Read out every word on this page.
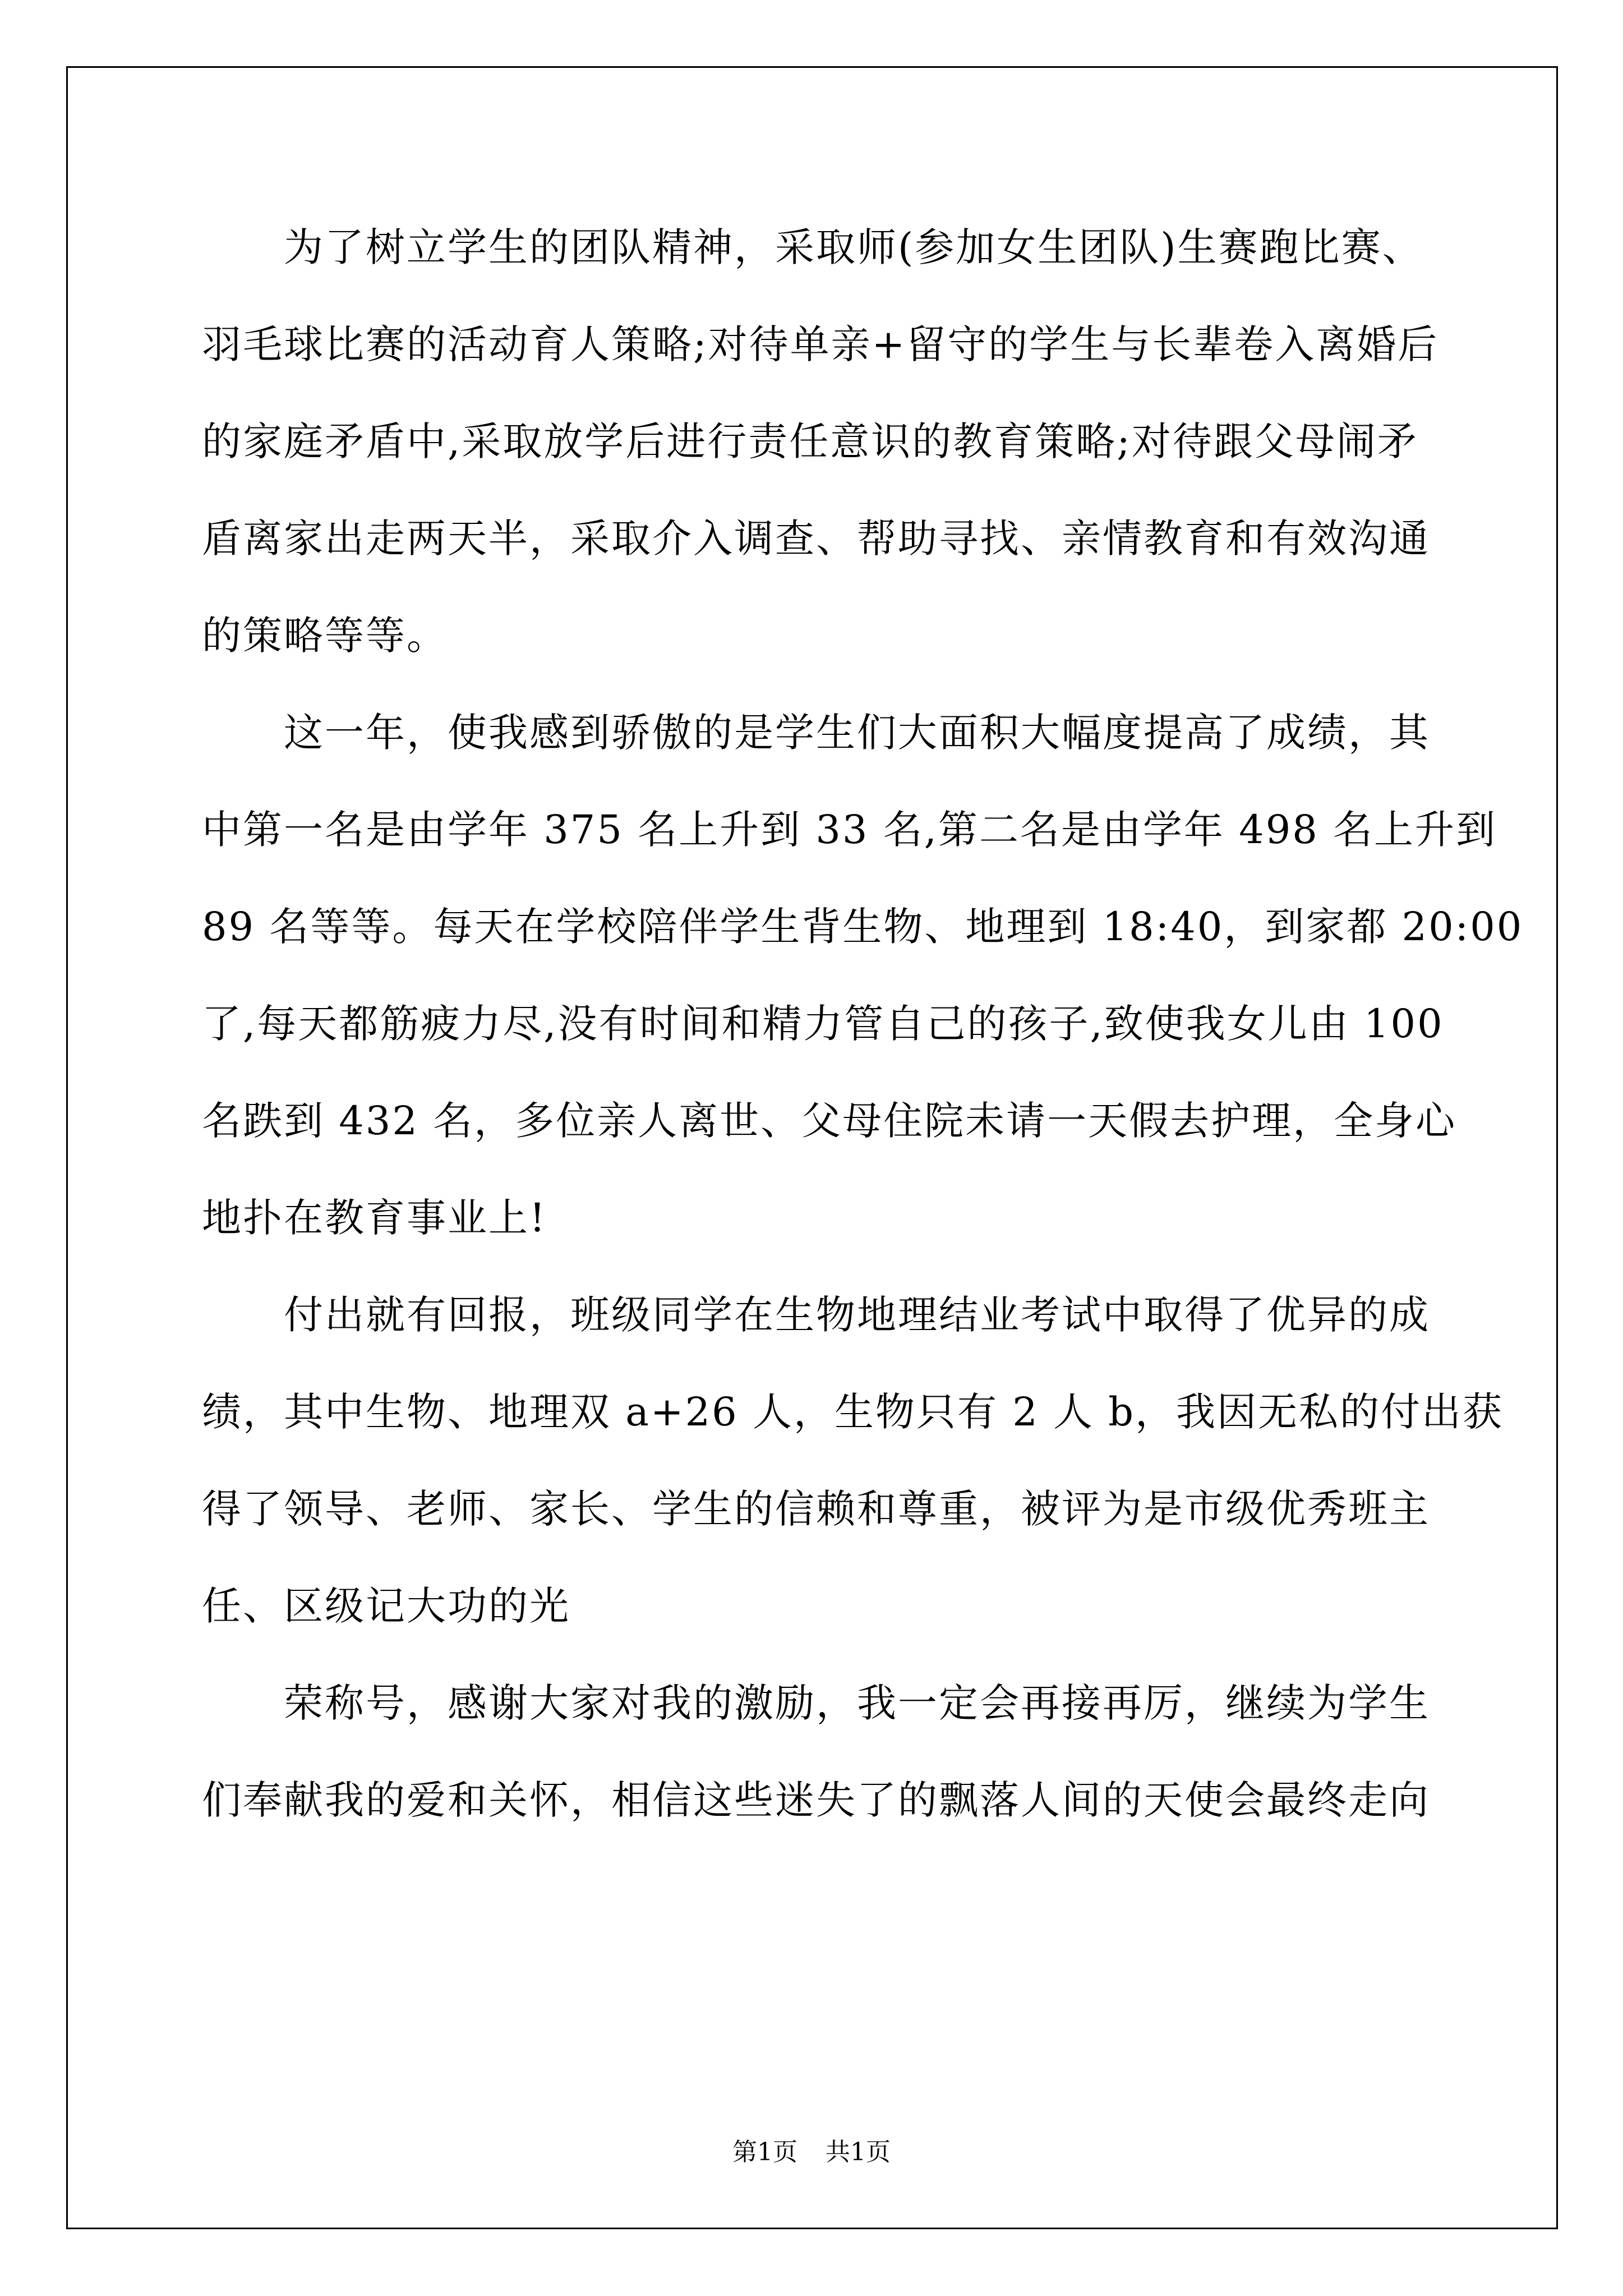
　　为了树立学生的团队精神，采取师(参加女生团队)生赛跑比赛、
羽毛球比赛的活动育人策略;对待单亲+留守的学生与长辈卷入离婚后
的家庭矛盾中,采取放学后进行责任意识的教育策略;对待跟父母闹矛
盾离家出走两天半，采取介入调查、帮助寻找、亲情教育和有效沟通
的策略等等。
　　这一年，使我感到骄傲的是学生们大面积大幅度提高了成绩，其
中第一名是由学年 375 名上升到 33 名,第二名是由学年 498 名上升到
89 名等等。每天在学校陪伴学生背生物、地理到 18:40，到家都 20:00
了,每天都筋疲力尽,没有时间和精力管自己的孩子,致使我女儿由 100
名跌到 432 名，多位亲人离世、父母住院未请一天假去护理，全身心
地扑在教育事业上!
　　付出就有回报，班级同学在生物地理结业考试中取得了优异的成
绩，其中生物、地理双 a+26 人，生物只有 2 人 b，我因无私的付出获
得了领导、老师、家长、学生的信赖和尊重，被评为是市级优秀班主
任、区级记大功的光
　　荣称号，感谢大家对我的激励，我一定会再接再厉，继续为学生
们奉献我的爱和关怀，相信这些迷失了的飘落人间的天使会最终走向
第1页 共1页
